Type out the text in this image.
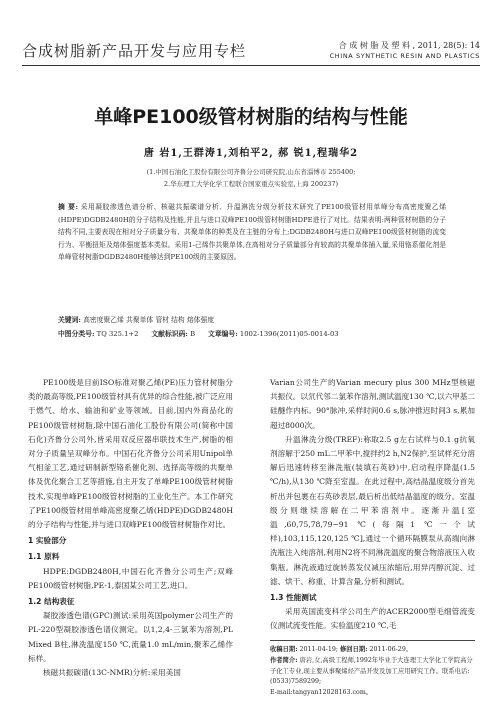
合成树脂新产品开发与应用专栏	合 成 树 脂 及 塑 料 , 2011, 28(5): 14
CHINA SYNTHETIC RESIN AND PLASTICS
单峰PE100级管材树脂的结构与性能
唐 岩1,王群涛1,刘柏平2, 郝 锐1,程瑞华2
(1.中国石油化工股份有限公司齐鲁分公司研究院,山东省淄博市 255400;
2.华东理工大学化学工程联合国家重点实验室,上海 200237)
摘 要: 采用凝胶渗透色谱分析、核磁共振碳谱分析、升温淋洗分级分析技术研究了PE100级管材用单峰分布高密度聚乙烯(HDPE)DGDB2480H的分子结构及性能,并且与进口双峰PE100级管材树脂HDPE进行了对比。结果表明:两种管材树脂的分子结构不同,主要表现在相对分子质量分布、共聚单体的种类及在主链的分布上;DGDB2480H与进口双峰PE100级管材树脂的流变行为、平衡扭矩及熔体强度基本类似。采用1-己烯作共聚单体,在高相对分子质量部分有较高的共聚单体插入量,采用铬系催化剂是单峰管材树脂DGDB2480H能够达到PE100级的主要原因。
关键词: 高密度聚乙烯 共聚单体 管材 结构 熔体强度
中图分类号: TQ 325.1+2 文献标识码: B 文章编号: 1002-1396(2011)05-0014-03

PE100级是目前ISO标准对聚乙烯(PE)压力管材树脂分类的最高等级,PE100级管材具有优异的综合性能,被广泛应用于燃气、给水、输油和矿业等领域。目前,国内外商品化的PE100级管材树脂,除中国石油化工股份有限公司(简称中国石化)齐鲁分公司外,皆采用双反应器串联技术生产,树脂的相对分子质量呈双峰分布。中国石化齐鲁分公司采用Unipol单气相釜工艺,通过研制新型铬系催化剂、选择高等级的共聚单体及优化聚合工艺等措施,自主开发了单峰PE100级管材树脂技术,实现单峰PE100级管材树脂的工业化生产。本工作研究了PE100级管材用单峰高密度聚乙烯(HDPE)DGDB2480H的分子结构与性能,并与进口双峰PE100级管材树脂作对比。

1 实验部分

1.1 原料

HDPE:DGDB2480H,中国石化齐鲁分公司生产;双峰PE100级管材树脂,PE-1,泰国某公司工艺,进口。

1.2 结构表征

凝胶渗透色谱(GPC)测试:采用英国polymer公司生产的PL-220型凝胶渗透色谱仪测定。以1,2,4-三氯苯为溶剂,PL Mixed B柱,淋洗温度150 ℃,流量1.0 mL/min,聚苯乙烯作标样。

核磁共振碳谱(13C-NMR)分析:采用美国

Varian公司生产的Varian mecury plus 300 MHz型核磁共振仪。以氘代邻二氯苯作溶剂,测试温度130 ℃,以六甲基二硅醚作内标。90°脉冲,采样时间0.6 s,脉冲推迟时间3 s,累加超过8000次。

升温淋洗分级(TREF):称取2.5 g左右试样与0.1 g抗氧剂溶解于250 mL二甲苯中,搅拌约2 h,N2保护,至试样充分溶解后迅速转移至淋洗瓶(装填石英砂)中,启动程序降温(1.5 ℃/h),从130 ℃降至室温。在此过程中,高结晶温度级分首先析出并包裹在石英砂表层,最后析出低结晶温度的级分。室温级分则继续溶解在二甲苯溶剂中。逐渐升温[室温,60,75,78,79~91 ℃(每隔1 ℃一个试样),103,115,120,125 ℃],通过一个循环隔膜泵从高端向淋洗瓶注入纯溶剂,利用N2将不同淋洗温度的聚合物溶液压入收集瓶。淋洗液通过旋转蒸发仪减压浓缩后,用异丙醇沉淀、过滤、烘干、称重、计算含量,分析和测试。

1.3 性能测试

采用英国流变科学公司生产的ACER2000型毛细管流变仪测试流变性能。实验温度210 ℃,毛

收稿日期: 2011-04-19; 修回日期: 2011-06-29。

作者简介: 唐岩,女,高级工程师,1992年毕业于大连理工大学化工学院高分子化工专业,现主要从事聚烯烃产品开发及加工应用研究工作。联系电话:(0533)7589299;

E-mail:tangyan12028163.com。
